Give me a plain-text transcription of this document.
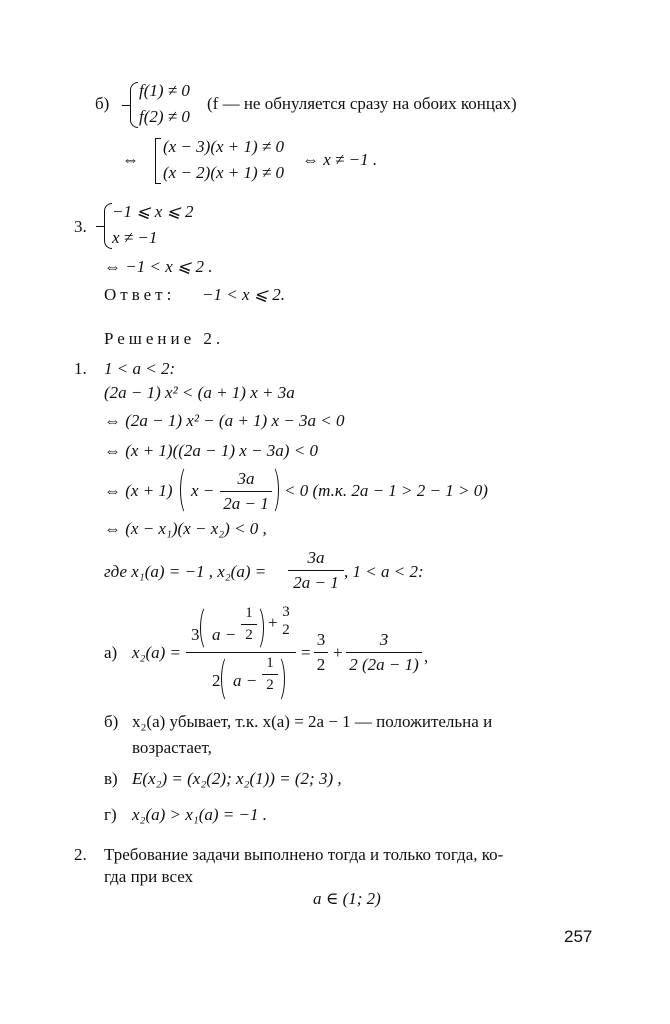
б)
f(1) ≠ 0
f(2) ≠ 0
(f — не обнуляется сразу на обоих концах)
⇔
(x − 3)(x + 1) ≠ 0
(x − 2)(x + 1) ≠ 0
⇔ x ≠ −1 .
3.
−1 ⩽ x ⩽ 2
x ≠ −1
⇔ −1 < x ⩽ 2 .
Ответ: −1 < x ⩽ 2.
Решение 2.
1. 1 < a < 2:
(2a − 1) x² < (a + 1) x + 3a
⇔ (2a − 1) x² − (a + 1) x − 3a < 0
⇔ (x + 1)((2a − 1) x − 3a) < 0
⇔ (x + 1) x −
3a
2a − 1
< 0 (т.к. 2a − 1 > 2 − 1 > 0)
⇔ (x − x₁)(x − x₂) < 0 ,
где x₁(a) = −1 , x₂(a) =
3a
2a − 1
, 1 < a < 2:
а) x₂(a) =
3 a −
1
2
+
3
2
2 a −
1
2
=
3
2
+
3
2 (2a − 1) ,
б) x₂(a) убывает, т.к. x(a) = 2a − 1 — положительна и
возрастает,
в) E(x₂) = (x₂(2); x₂(1)) = (2; 3) ,
г) x₂(a) > x₁(a) = −1 .
2. Требование задачи выполнено тогда и только тогда, ко-
гда при всех
a ∈ (1; 2)
257
